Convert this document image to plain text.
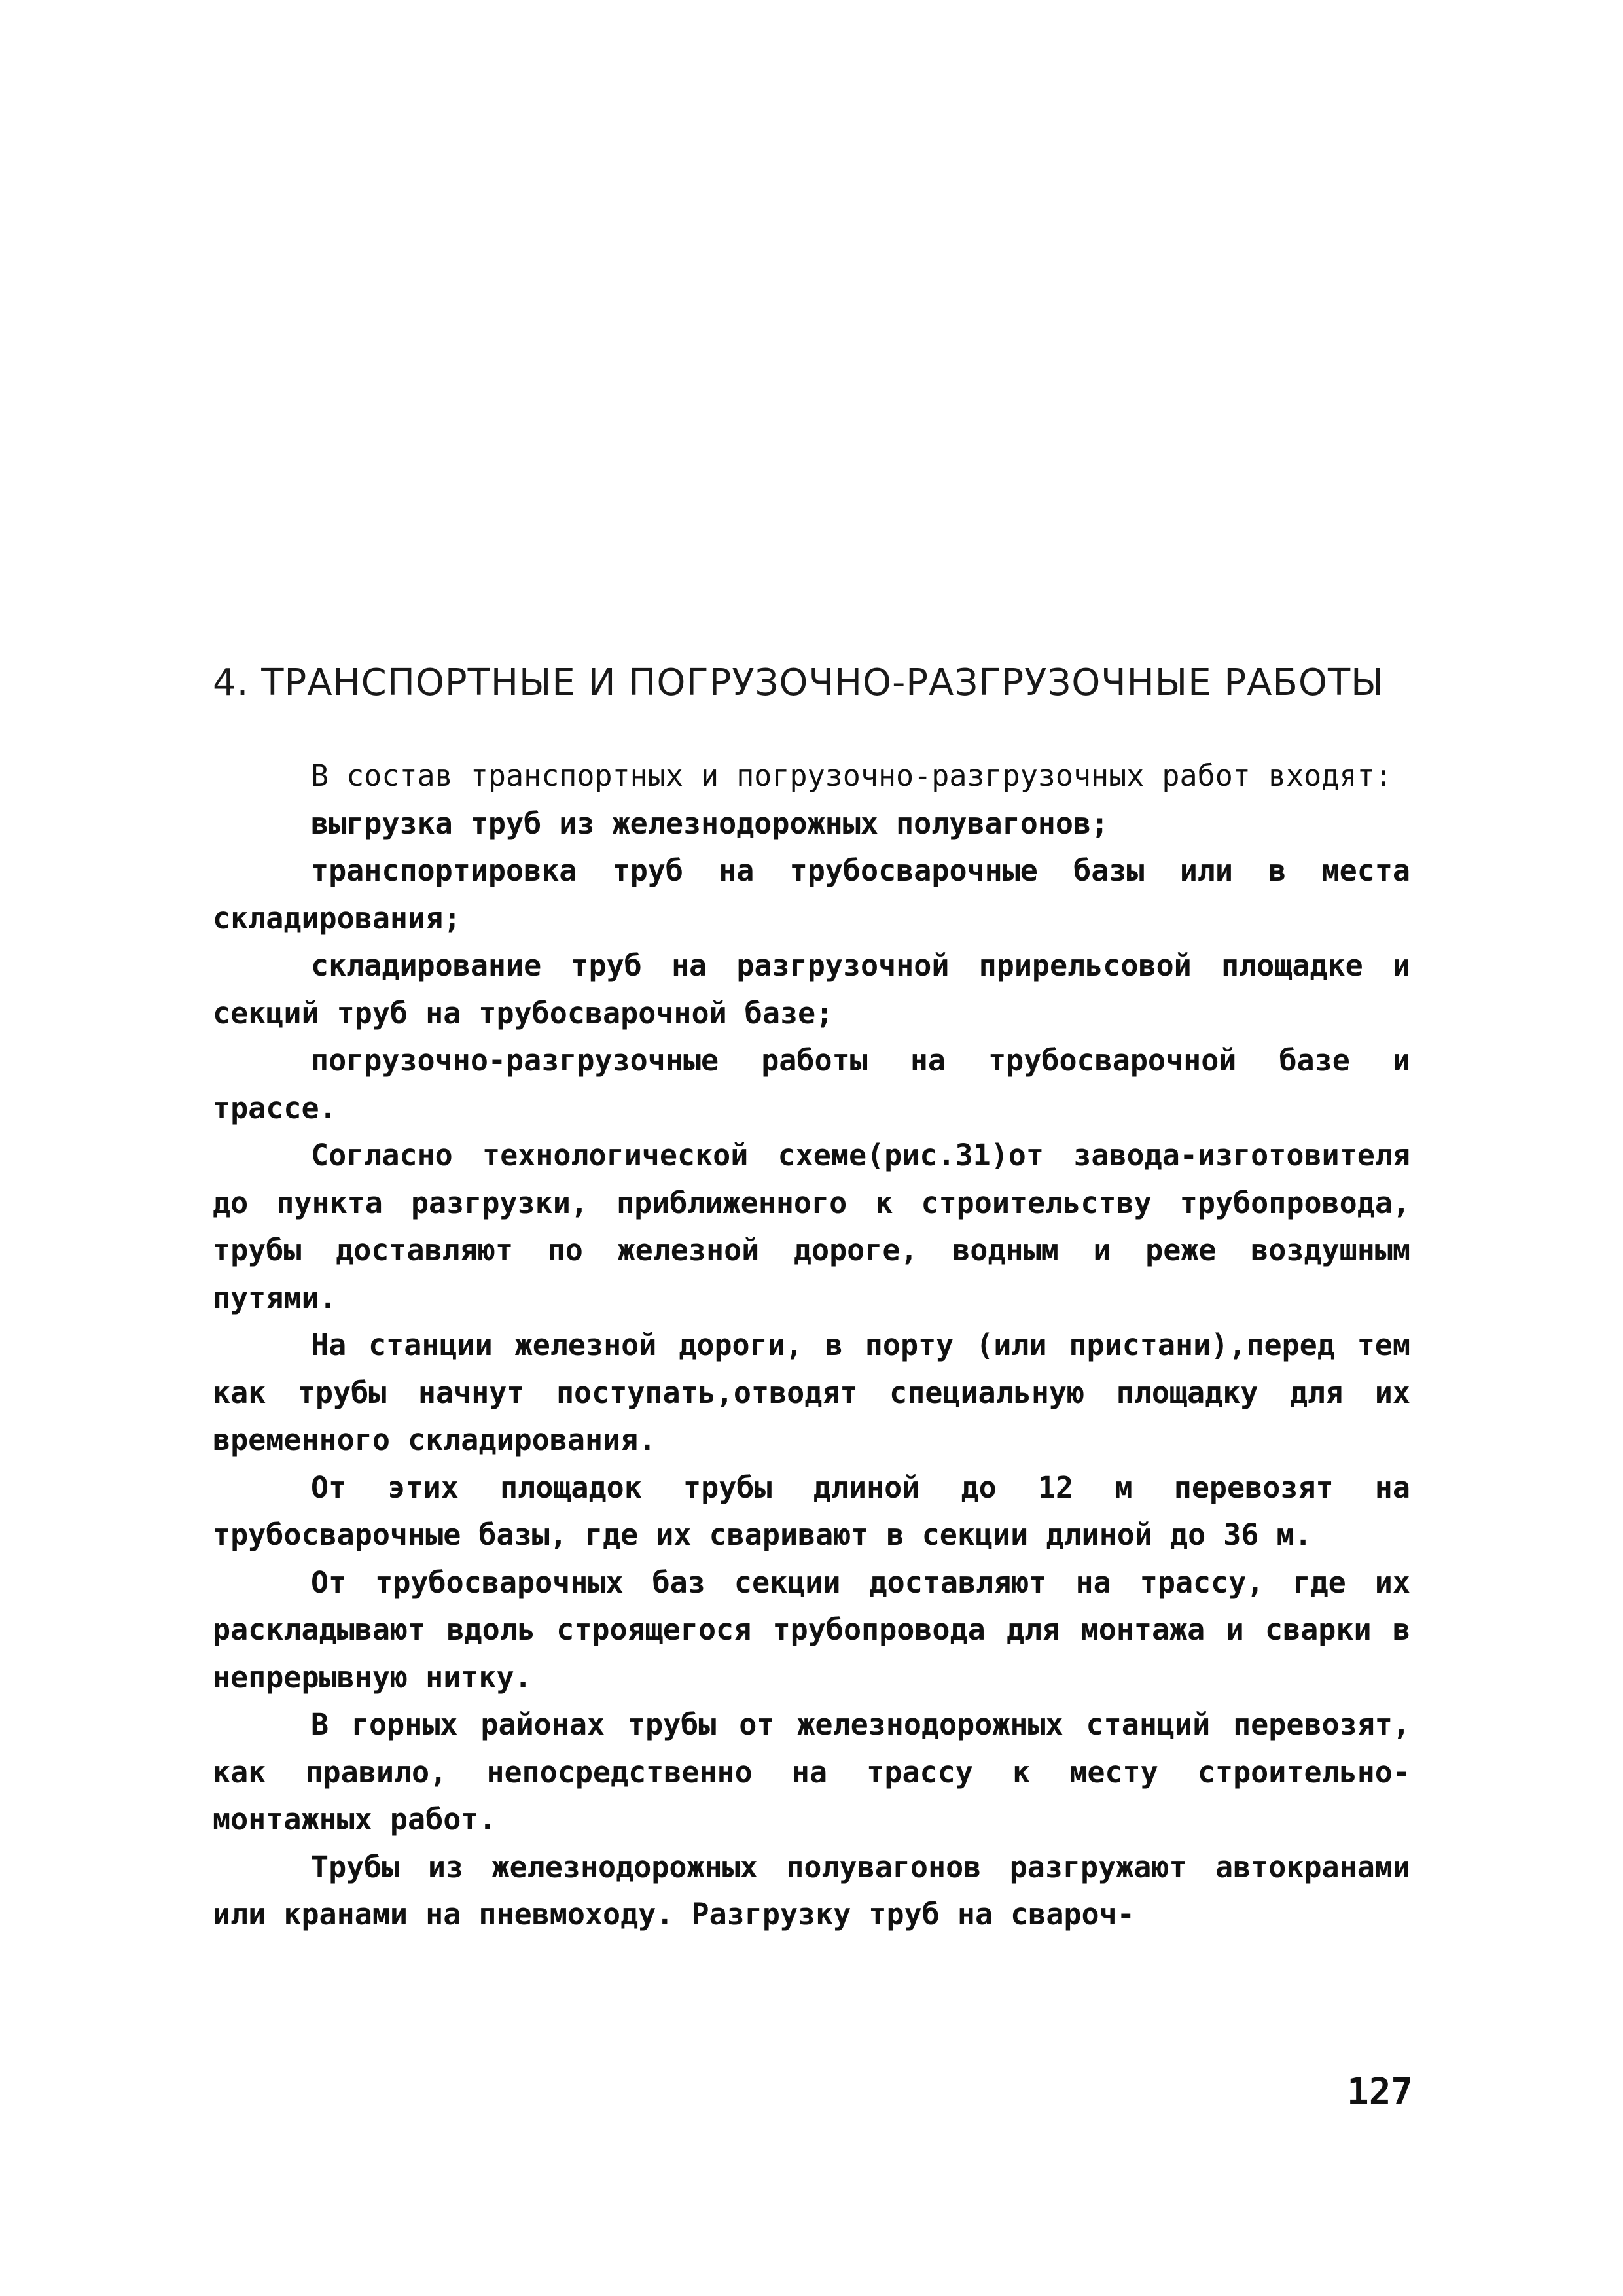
4. ТРАНСПОРТНЫЕ И ПОГРУЗОЧНО-РАЗГРУЗОЧНЫЕ РАБОТЫ

В состав транспортных и погрузочно-разгрузочных работ входят:

выгрузка труб из железнодорожных полувагонов;

транспортировка труб на трубосварочные базы или в места складирования;

складирование труб на разгрузочной прирельсовой площадке и секций труб на трубосварочной базе;

погрузочно-разгрузочные работы на трубосварочной базе и трассе.

Согласно технологической схеме(рис.31)от завода-изготовителя до пункта разгрузки, приближенного к строительству трубопровода, трубы доставляют по железной дороге, водным и реже воздушным путями.

На станции железной дороги, в порту (или пристани),перед тем как трубы начнут поступать,отводят специальную площадку для их временного складирования.

От этих площадок трубы длиной до 12 м перевозят на трубосварочные базы, где их сваривают в секции длиной до 36 м.

От трубосварочных баз секции доставляют на трассу, где их раскладывают вдоль строящегося трубопровода для монтажа и сварки в непрерывную нитку.

В горных районах трубы от железнодорожных станций перевозят, как правило, непосредственно на трассу к месту строительно-монтажных работ.

Трубы из железнодорожных полувагонов разгружают автокранами или кранами на пневмоходу. Разгрузку труб на свароч-

127
